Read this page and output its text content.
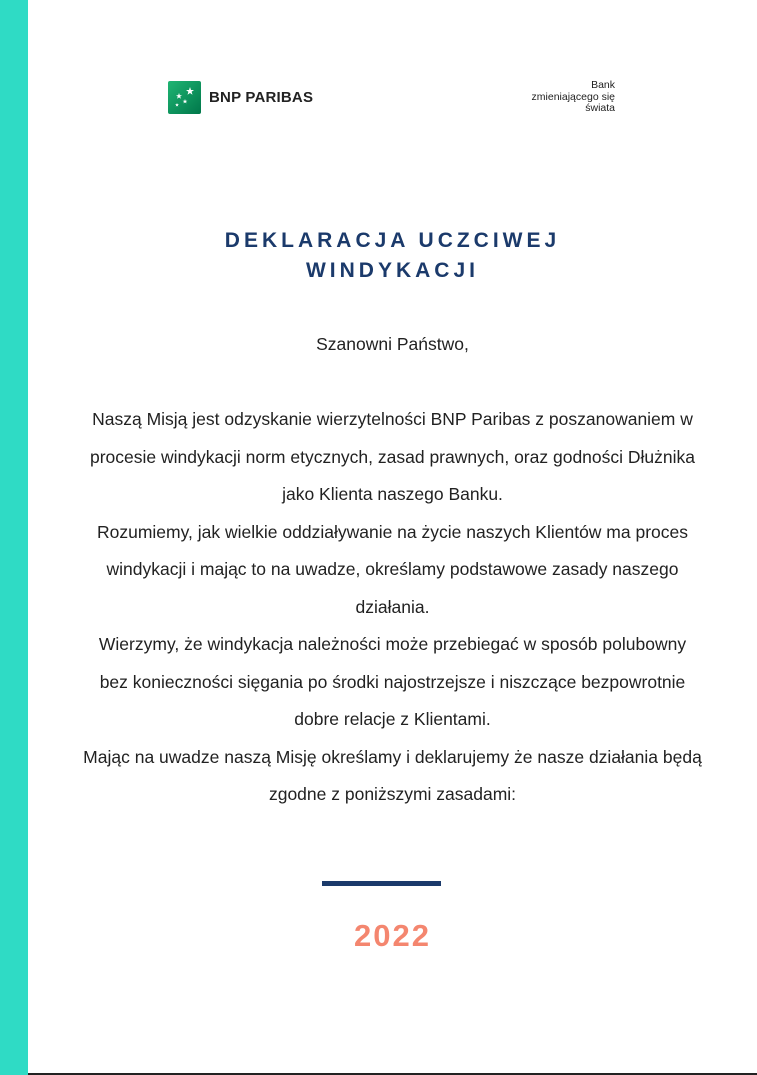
BNP PARIBAS
Bank
zmieniającego się
świata
DEKLARACJA UCZCIWEJ
WINDYKACJI
Szanowni Państwo,
Naszą Misją jest odzyskanie wierzytelności BNP Paribas z poszanowaniem w
procesie windykacji norm etycznych, zasad prawnych, oraz godności Dłużnika
jako Klienta naszego Banku.
Rozumiemy, jak wielkie oddziaływanie na życie naszych Klientów ma proces
windykacji i mając to na uwadze, określamy podstawowe zasady naszego
działania.
Wierzymy, że windykacja należności może przebiegać w sposób polubowny
bez konieczności sięgania po środki najostrzejsze i niszczące bezpowrotnie
dobre relacje z Klientami.
Mając na uwadze naszą Misję określamy i deklarujemy że nasze działania będą
zgodne z poniższymi zasadami:
2022
